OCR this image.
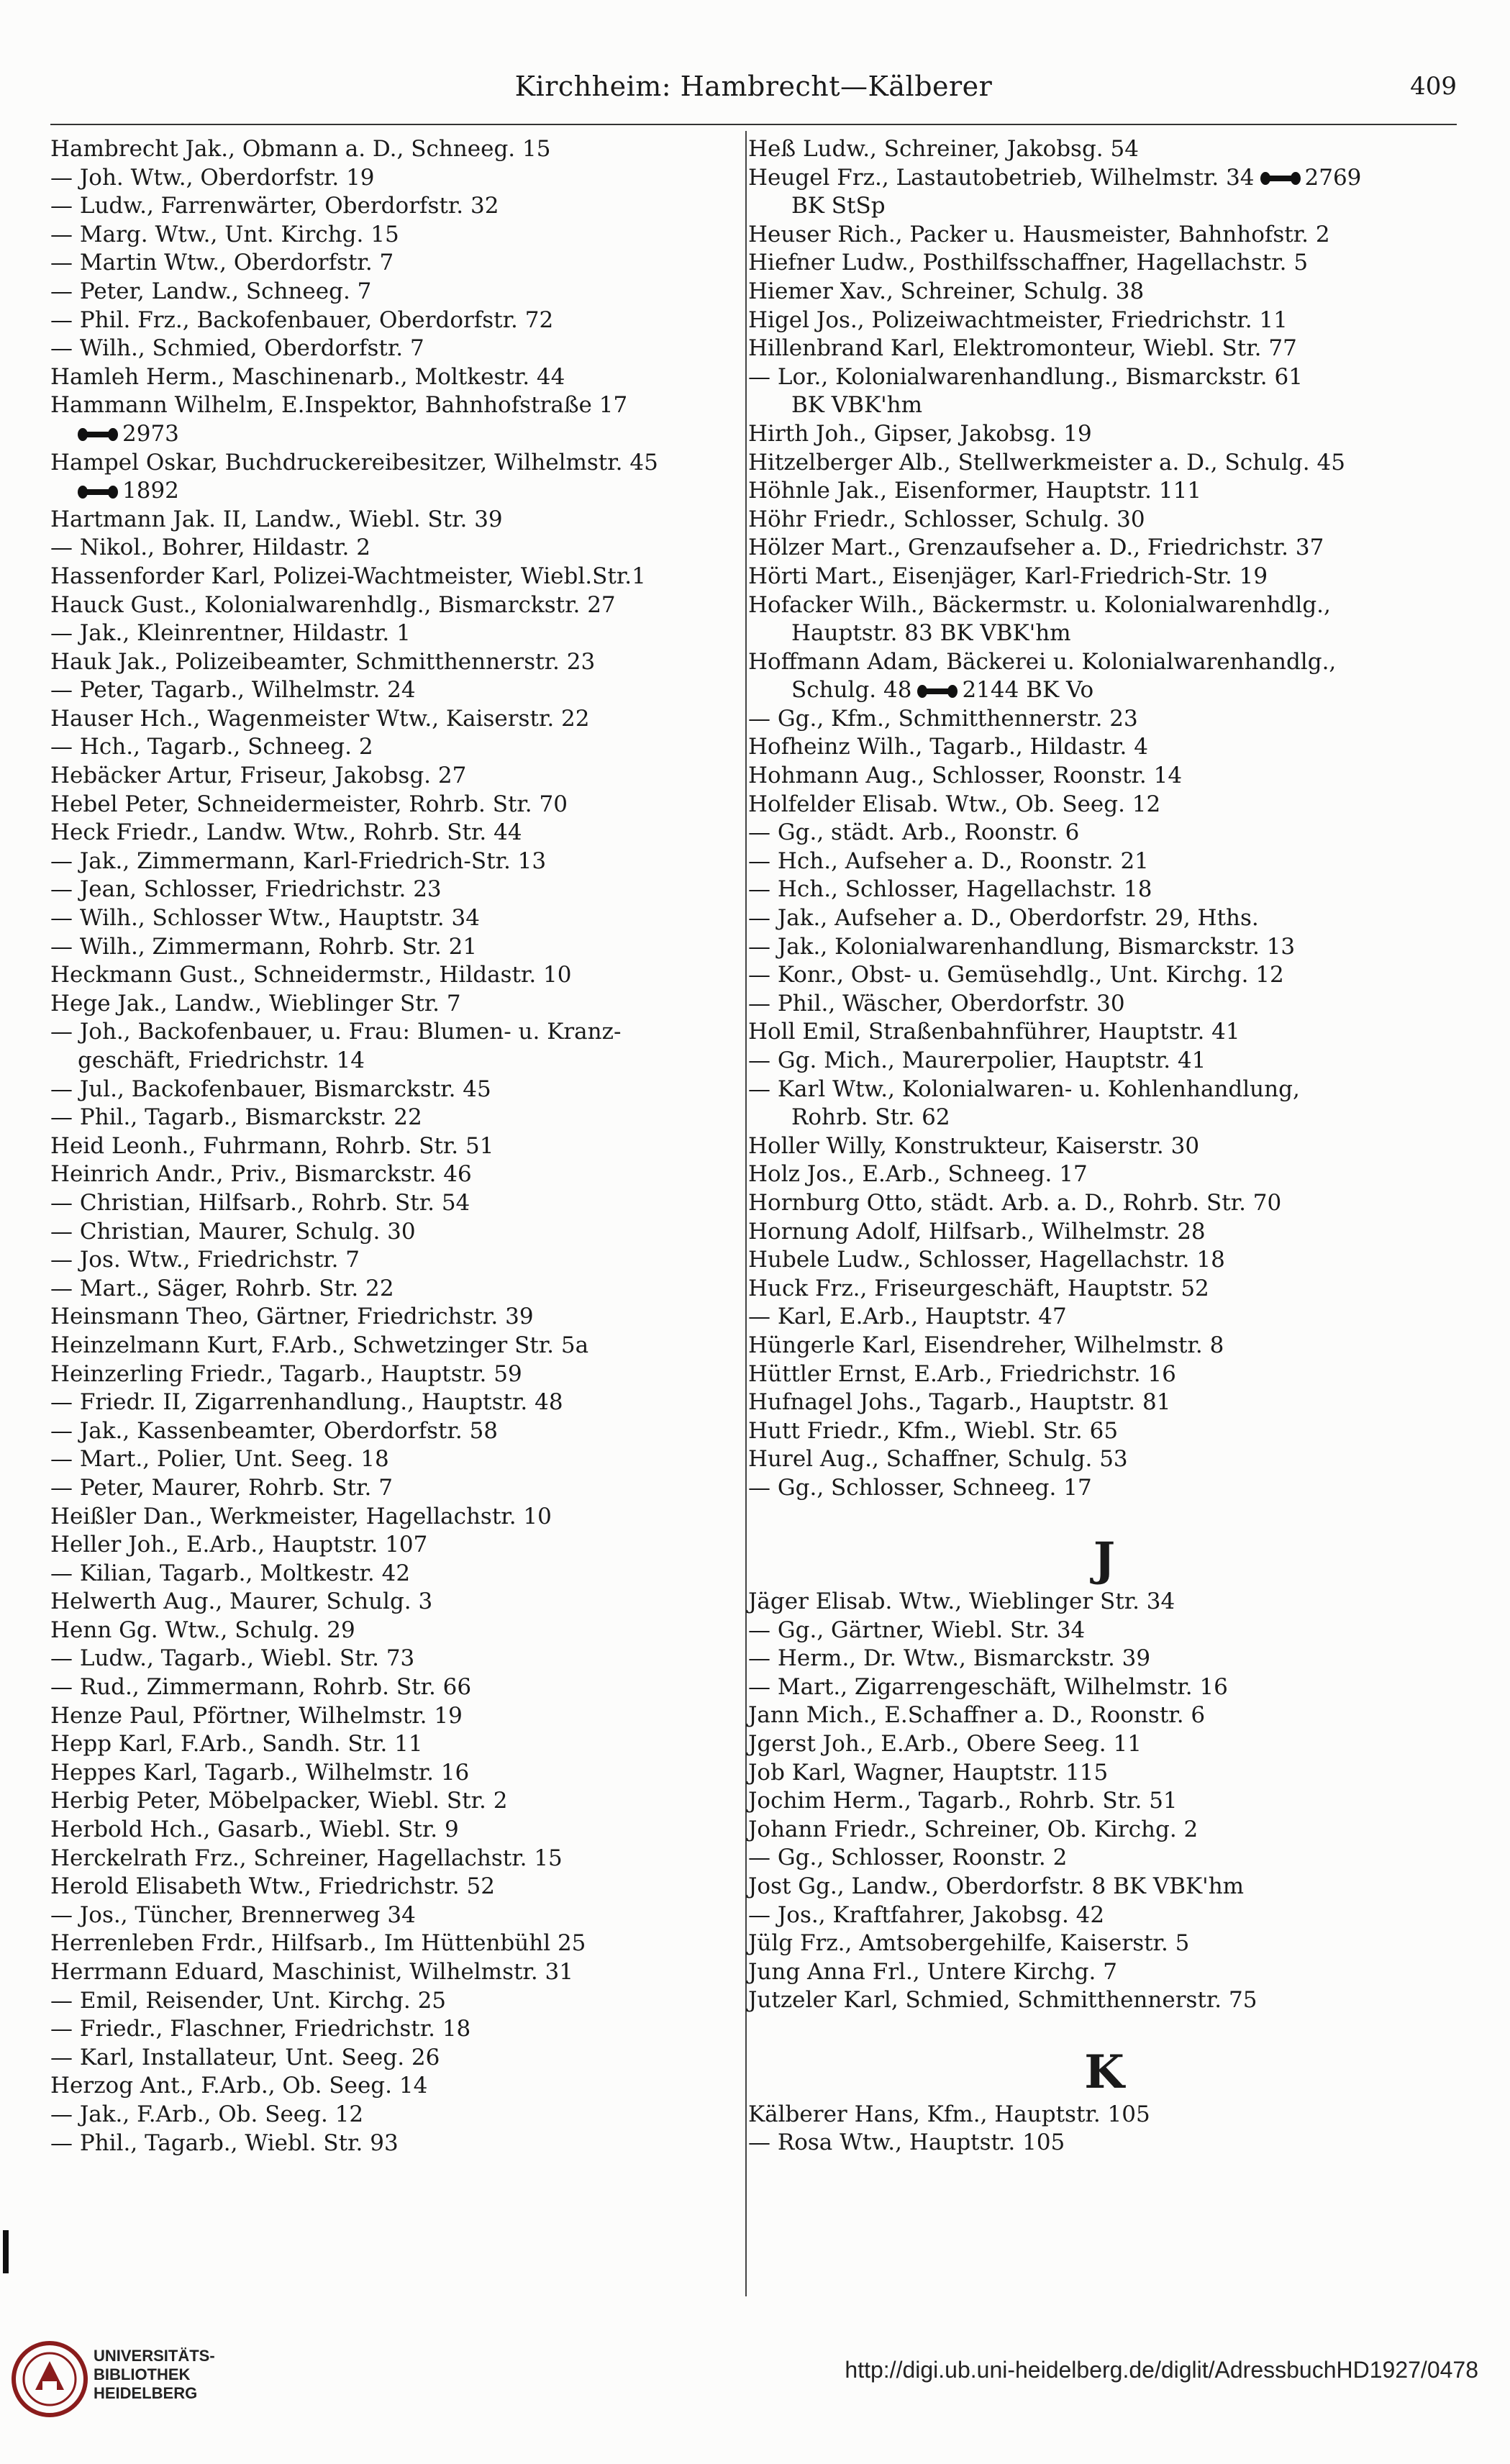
Kirchheim: Hambrecht—Kälberer	409
Hambrecht Jak., Obmann a. D., Schneeg. 15
— Joh. Wtw., Oberdorfstr. 19
— Ludw., Farrenwärter, Oberdorfstr. 32
— Marg. Wtw., Unt. Kirchg. 15
— Martin Wtw., Oberdorfstr. 7
— Peter, Landw., Schneeg. 7
— Phil. Frz., Backofenbauer, Oberdorfstr. 72
— Wilh., Schmied, Oberdorfstr. 7
Hamleh Herm., Maschinenarb., Moltkestr. 44
Hammann Wilhelm, E.Inspektor, Bahnhofstraße 17
2973
Hampel Oskar, Buchdruckereibesitzer, Wilhelmstr. 45
1892
Hartmann Jak. II, Landw., Wiebl. Str. 39
— Nikol., Bohrer, Hildastr. 2
Hassenforder Karl, Polizei-Wachtmeister, Wiebl.Str.1
Hauck Gust., Kolonialwarenhdlg., Bismarckstr. 27
— Jak., Kleinrentner, Hildastr. 1
Hauk Jak., Polizeibeamter, Schmitthennerstr. 23
— Peter, Tagarb., Wilhelmstr. 24
Hauser Hch., Wagenmeister Wtw., Kaiserstr. 22
— Hch., Tagarb., Schneeg. 2
Hebäcker Artur, Friseur, Jakobsg. 27
Hebel Peter, Schneidermeister, Rohrb. Str. 70
Heck Friedr., Landw. Wtw., Rohrb. Str. 44
— Jak., Zimmermann, Karl-Friedrich-Str. 13
— Jean, Schlosser, Friedrichstr. 23
— Wilh., Schlosser Wtw., Hauptstr. 34
— Wilh., Zimmermann, Rohrb. Str. 21
Heckmann Gust., Schneidermstr., Hildastr. 10
Hege Jak., Landw., Wieblinger Str. 7
— Joh., Backofenbauer, u. Frau: Blumen- u. Kranz-
geschäft, Friedrichstr. 14
— Jul., Backofenbauer, Bismarckstr. 45
— Phil., Tagarb., Bismarckstr. 22
Heid Leonh., Fuhrmann, Rohrb. Str. 51
Heinrich Andr., Priv., Bismarckstr. 46
— Christian, Hilfsarb., Rohrb. Str. 54
— Christian, Maurer, Schulg. 30
— Jos. Wtw., Friedrichstr. 7
— Mart., Säger, Rohrb. Str. 22
Heinsmann Theo, Gärtner, Friedrichstr. 39
Heinzelmann Kurt, F.Arb., Schwetzinger Str. 5a
Heinzerling Friedr., Tagarb., Hauptstr. 59
— Friedr. II, Zigarrenhandlung., Hauptstr. 48
— Jak., Kassenbeamter, Oberdorfstr. 58
— Mart., Polier, Unt. Seeg. 18
— Peter, Maurer, Rohrb. Str. 7
Heißler Dan., Werkmeister, Hagellachstr. 10
Heller Joh., E.Arb., Hauptstr. 107
— Kilian, Tagarb., Moltkestr. 42
Helwerth Aug., Maurer, Schulg. 3
Henn Gg. Wtw., Schulg. 29
— Ludw., Tagarb., Wiebl. Str. 73
— Rud., Zimmermann, Rohrb. Str. 66
Henze Paul, Pförtner, Wilhelmstr. 19
Hepp Karl, F.Arb., Sandh. Str. 11
Heppes Karl, Tagarb., Wilhelmstr. 16
Herbig Peter, Möbelpacker, Wiebl. Str. 2
Herbold Hch., Gasarb., Wiebl. Str. 9
Herckelrath Frz., Schreiner, Hagellachstr. 15
Herold Elisabeth Wtw., Friedrichstr. 52
— Jos., Tüncher, Brennerweg 34
Herrenleben Frdr., Hilfsarb., Im Hüttenbühl 25
Herrmann Eduard, Maschinist, Wilhelmstr. 31
— Emil, Reisender, Unt. Kirchg. 25
— Friedr., Flaschner, Friedrichstr. 18
— Karl, Installateur, Unt. Seeg. 26
Herzog Ant., F.Arb., Ob. Seeg. 14
— Jak., F.Arb., Ob. Seeg. 12
— Phil., Tagarb., Wiebl. Str. 93
Heß Ludw., Schreiner, Jakobsg. 54
Heugel Frz., Lastautobetrieb, Wilhelmstr. 34 2769
BK StSp
Heuser Rich., Packer u. Hausmeister, Bahnhofstr. 2
Hiefner Ludw., Posthilfsschaffner, Hagellachstr. 5
Hiemer Xav., Schreiner, Schulg. 38
Higel Jos., Polizeiwachtmeister, Friedrichstr. 11
Hillenbrand Karl, Elektromonteur, Wiebl. Str. 77
— Lor., Kolonialwarenhandlung., Bismarckstr. 61
BK VBK'hm
Hirth Joh., Gipser, Jakobsg. 19
Hitzelberger Alb., Stellwerkmeister a. D., Schulg. 45
Höhnle Jak., Eisenformer, Hauptstr. 111
Höhr Friedr., Schlosser, Schulg. 30
Hölzer Mart., Grenzaufseher a. D., Friedrichstr. 37
Hörti Mart., Eisenjäger, Karl-Friedrich-Str. 19
Hofacker Wilh., Bäckermstr. u. Kolonialwarenhdlg.,
Hauptstr. 83 BK VBK'hm
Hoffmann Adam, Bäckerei u. Kolonialwarenhandlg.,
Schulg. 48 2144 BK Vo
— Gg., Kfm., Schmitthennerstr. 23
Hofheinz Wilh., Tagarb., Hildastr. 4
Hohmann Aug., Schlosser, Roonstr. 14
Holfelder Elisab. Wtw., Ob. Seeg. 12
— Gg., städt. Arb., Roonstr. 6
— Hch., Aufseher a. D., Roonstr. 21
— Hch., Schlosser, Hagellachstr. 18
— Jak., Aufseher a. D., Oberdorfstr. 29, Hths.
— Jak., Kolonialwarenhandlung, Bismarckstr. 13
— Konr., Obst- u. Gemüsehdlg., Unt. Kirchg. 12
— Phil., Wäscher, Oberdorfstr. 30
Holl Emil, Straßenbahnführer, Hauptstr. 41
— Gg. Mich., Maurerpolier, Hauptstr. 41
— Karl Wtw., Kolonialwaren- u. Kohlenhandlung,
Rohrb. Str. 62
Holler Willy, Konstrukteur, Kaiserstr. 30
Holz Jos., E.Arb., Schneeg. 17
Hornburg Otto, städt. Arb. a. D., Rohrb. Str. 70
Hornung Adolf, Hilfsarb., Wilhelmstr. 28
Hubele Ludw., Schlosser, Hagellachstr. 18
Huck Frz., Friseurgeschäft, Hauptstr. 52
— Karl, E.Arb., Hauptstr. 47
Hüngerle Karl, Eisendreher, Wilhelmstr. 8
Hüttler Ernst, E.Arb., Friedrichstr. 16
Hufnagel Johs., Tagarb., Hauptstr. 81
Hutt Friedr., Kfm., Wiebl. Str. 65
Hurel Aug., Schaffner, Schulg. 53
— Gg., Schlosser, Schneeg. 17
J
Jäger Elisab. Wtw., Wieblinger Str. 34
— Gg., Gärtner, Wiebl. Str. 34
— Herm., Dr. Wtw., Bismarckstr. 39
— Mart., Zigarrengeschäft, Wilhelmstr. 16
Jann Mich., E.Schaffner a. D., Roonstr. 6
Jgerst Joh., E.Arb., Obere Seeg. 11
Job Karl, Wagner, Hauptstr. 115
Jochim Herm., Tagarb., Rohrb. Str. 51
Johann Friedr., Schreiner, Ob. Kirchg. 2
— Gg., Schlosser, Roonstr. 2
Jost Gg., Landw., Oberdorfstr. 8 BK VBK'hm
— Jos., Kraftfahrer, Jakobsg. 42
Jülg Frz., Amtsobergehilfe, Kaiserstr. 5
Jung Anna Frl., Untere Kirchg. 7
Jutzeler Karl, Schmied, Schmitthennerstr. 75
K
Kälberer Hans, Kfm., Hauptstr. 105
— Rosa Wtw., Hauptstr. 105
UNIVERSITÄTS-
BIBLIOTHEK
HEIDELBERG
http://digi.ub.uni-heidelberg.de/diglit/AdressbuchHD1927/0478
